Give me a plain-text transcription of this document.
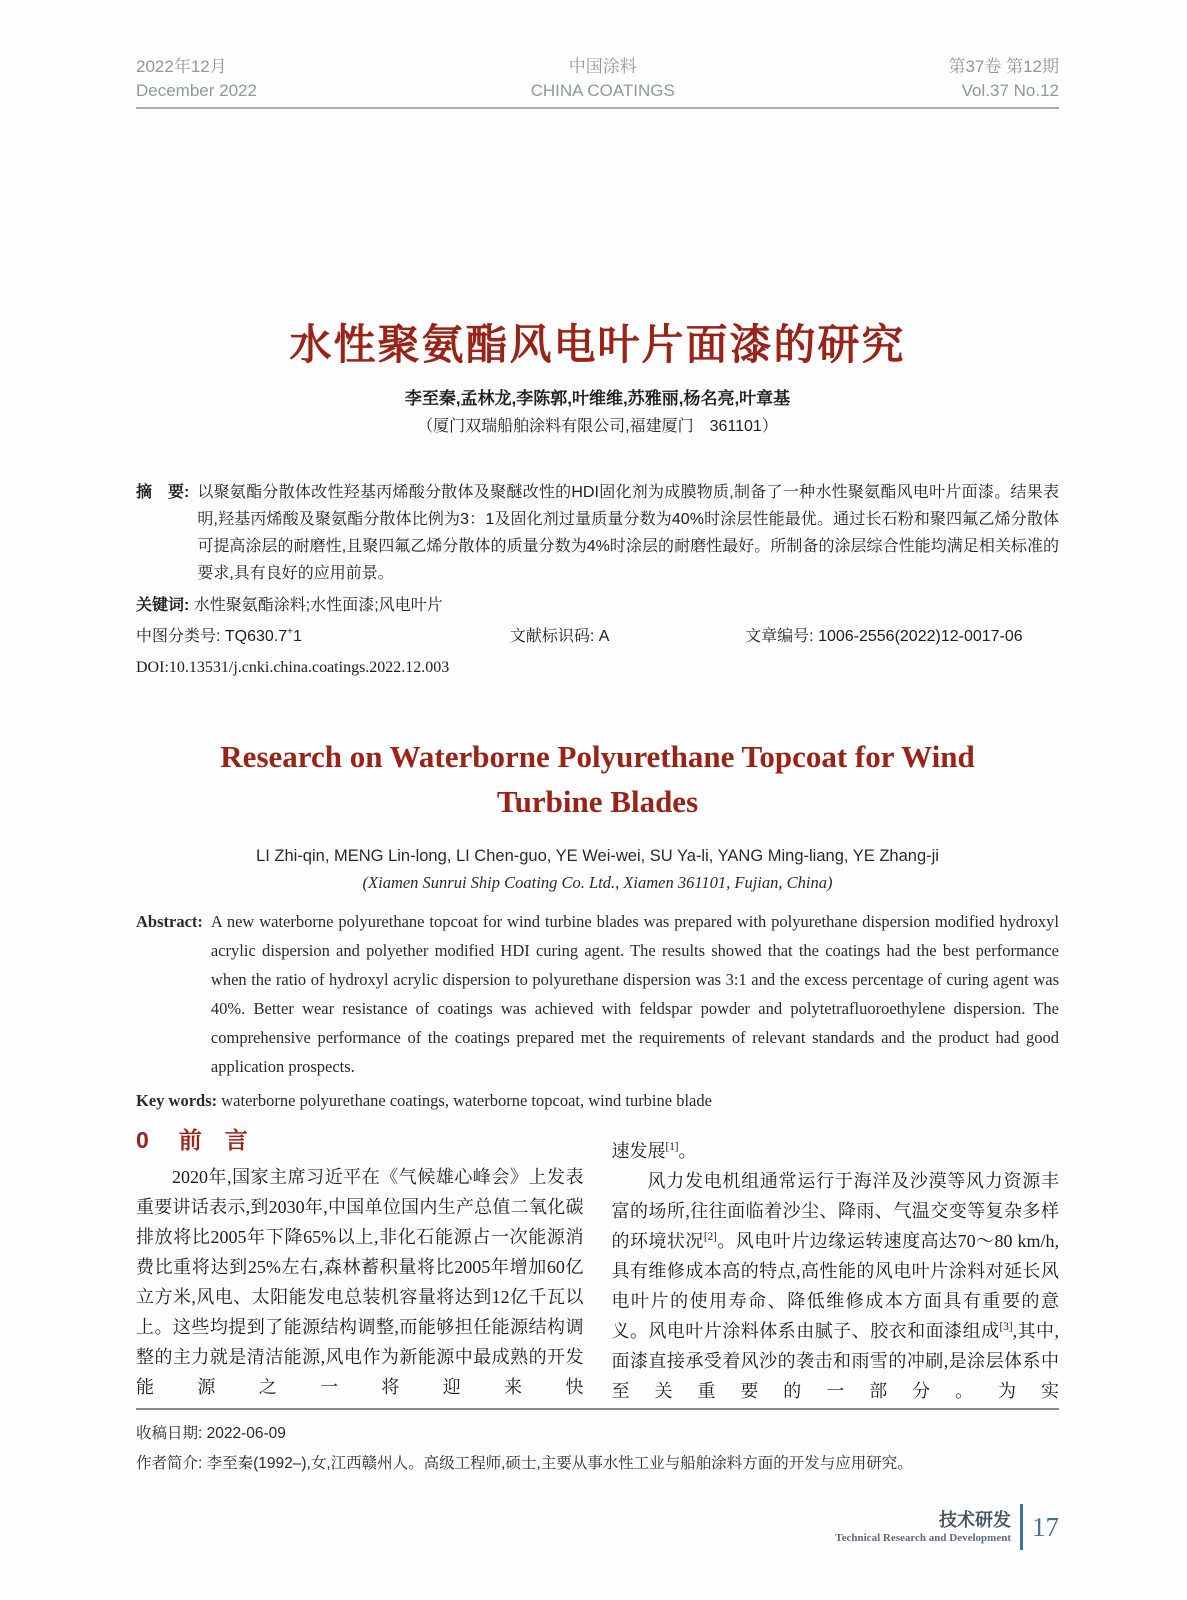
2022年12月
December 2022
中国涂料
CHINA COATINGS
第37卷 第12期
Vol.37 No.12
水性聚氨酯风电叶片面漆的研究
李至秦,孟林龙,李陈郭,叶维维,苏雅丽,杨名亮,叶章基
（厦门双瑞船舶涂料有限公司,福建厦门　361101）
摘　要: 以聚氨酯分散体改性羟基丙烯酸分散体及聚醚改性的HDI固化剂为成膜物质,制备了一种水性聚氨酯风电叶片面漆。结果表明,羟基丙烯酸及聚氨酯分散体比例为3：1及固化剂过量质量分数为40%时涂层性能最优。通过长石粉和聚四氟乙烯分散体可提高涂层的耐磨性,且聚四氟乙烯分散体的质量分数为4%时涂层的耐磨性最好。所制备的涂层综合性能均满足相关标准的要求,具有良好的应用前景。
关键词: 水性聚氨酯涂料;水性面漆;风电叶片
中图分类号: TQ630.7+1	文献标识码: A	文章编号: 1006-2556(2022)12-0017-06
DOI:10.13531/j.cnki.china.coatings.2022.12.003
Research on Waterborne Polyurethane Topcoat for Wind
Turbine Blades
LI Zhi-qin, MENG Lin-long, LI Chen-guo, YE Wei-wei, SU Ya-li, YANG Ming-liang, YE Zhang-ji
(Xiamen Sunrui Ship Coating Co. Ltd., Xiamen 361101, Fujian, China)
Abstract: A new waterborne polyurethane topcoat for wind turbine blades was prepared with polyurethane dispersion modified hydroxyl acrylic dispersion and polyether modified HDI curing agent. The results showed that the coatings had the best performance when the ratio of hydroxyl acrylic dispersion to polyurethane dispersion was 3:1 and the excess percentage of curing agent was 40%. Better wear resistance of coatings was achieved with feldspar powder and polytetrafluoroethylene dispersion. The comprehensive performance of the coatings prepared met the requirements of relevant standards and the product had good application prospects.
Key words: waterborne polyurethane coatings, waterborne topcoat, wind turbine blade
0 前　言

2020年,国家主席习近平在《气候雄心峰会》上发表重要讲话表示,到2030年,中国单位国内生产总值二氧化碳排放将比2005年下降65%以上,非化石能源占一次能源消费比重将达到25%左右,森林蓄积量将比2005年增加60亿立方米,风电、太阳能发电总装机容量将达到12亿千瓦以上。这些均提到了能源结构调整,而能够担任能源结构调整的主力就是清洁能源,风电作为新能源中最成熟的开发能源之一将迎来快

速发展[1]。

风力发电机组通常运行于海洋及沙漠等风力资源丰富的场所,往往面临着沙尘、降雨、气温交变等复杂多样的环境状况[2]。风电叶片边缘运转速度高达70～80 km/h,具有维修成本高的特点,高性能的风电叶片涂料对延长风电叶片的使用寿命、降低维修成本方面具有重要的意义。风电叶片涂料体系由腻子、胶衣和面漆组成[3],其中,面漆直接承受着风沙的袭击和雨雪的冲刷,是涂层体系中至关重要的一部分。为实

收稿日期: 2022-06-09
作者简介: 李至秦(1992–),女,江西赣州人。高级工程师,硕士,主要从事水性工业与船舶涂料方面的开发与应用研究。
技术研发
Technical Research and Development 17
